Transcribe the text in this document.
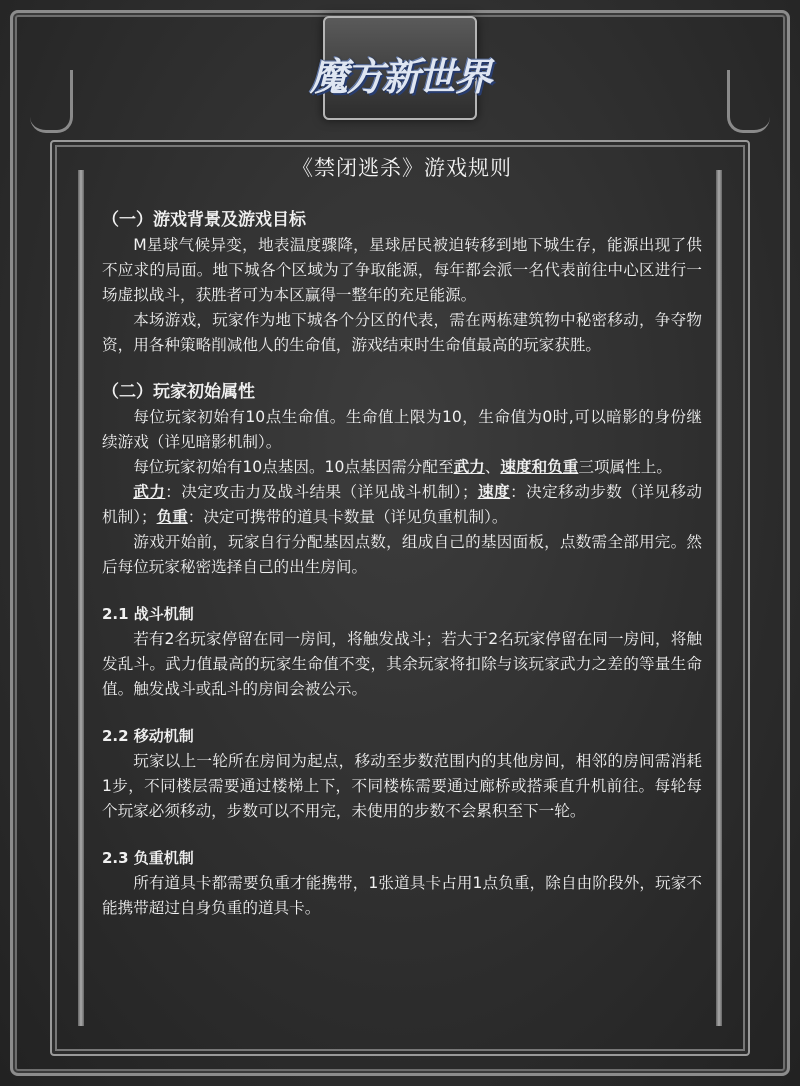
魔方新世界
《禁闭逃杀》游戏规则
（一）游戏背景及游戏目标

M星球气候异变，地表温度骤降，星球居民被迫转移到地下城生存，能源出现了供不应求的局面。地下城各个区域为了争取能源，每年都会派一名代表前往中心区进行一场虚拟战斗，获胜者可为本区赢得一整年的充足能源。

本场游戏，玩家作为地下城各个分区的代表，需在两栋建筑物中秘密移动，争夺物资，用各种策略削减他人的生命值，游戏结束时生命值最高的玩家获胜。

（二）玩家初始属性

每位玩家初始有10点生命值。生命值上限为10，生命值为0时,可以暗影的身份继续游戏（详见暗影机制）。

每位玩家初始有10点基因。10点基因需分配至武力、速度和负重三项属性上。

武力：决定攻击力及战斗结果（详见战斗机制）；速度：决定移动步数（详见移动机制）；负重：决定可携带的道具卡数量（详见负重机制）。

游戏开始前，玩家自行分配基因点数，组成自己的基因面板，点数需全部用完。然后每位玩家秘密选择自己的出生房间。

2.1 战斗机制

若有2名玩家停留在同一房间，将触发战斗；若大于2名玩家停留在同一房间，将触发乱斗。武力值最高的玩家生命值不变，其余玩家将扣除与该玩家武力之差的等量生命值。触发战斗或乱斗的房间会被公示。

2.2 移动机制

玩家以上一轮所在房间为起点，移动至步数范围内的其他房间，相邻的房间需消耗1步，不同楼层需要通过楼梯上下，不同楼栋需要通过廊桥或搭乘直升机前往。每轮每个玩家必须移动，步数可以不用完，未使用的步数不会累积至下一轮。

2.3 负重机制

所有道具卡都需要负重才能携带，1张道具卡占用1点负重，除自由阶段外，玩家不能携带超过自身负重的道具卡。
